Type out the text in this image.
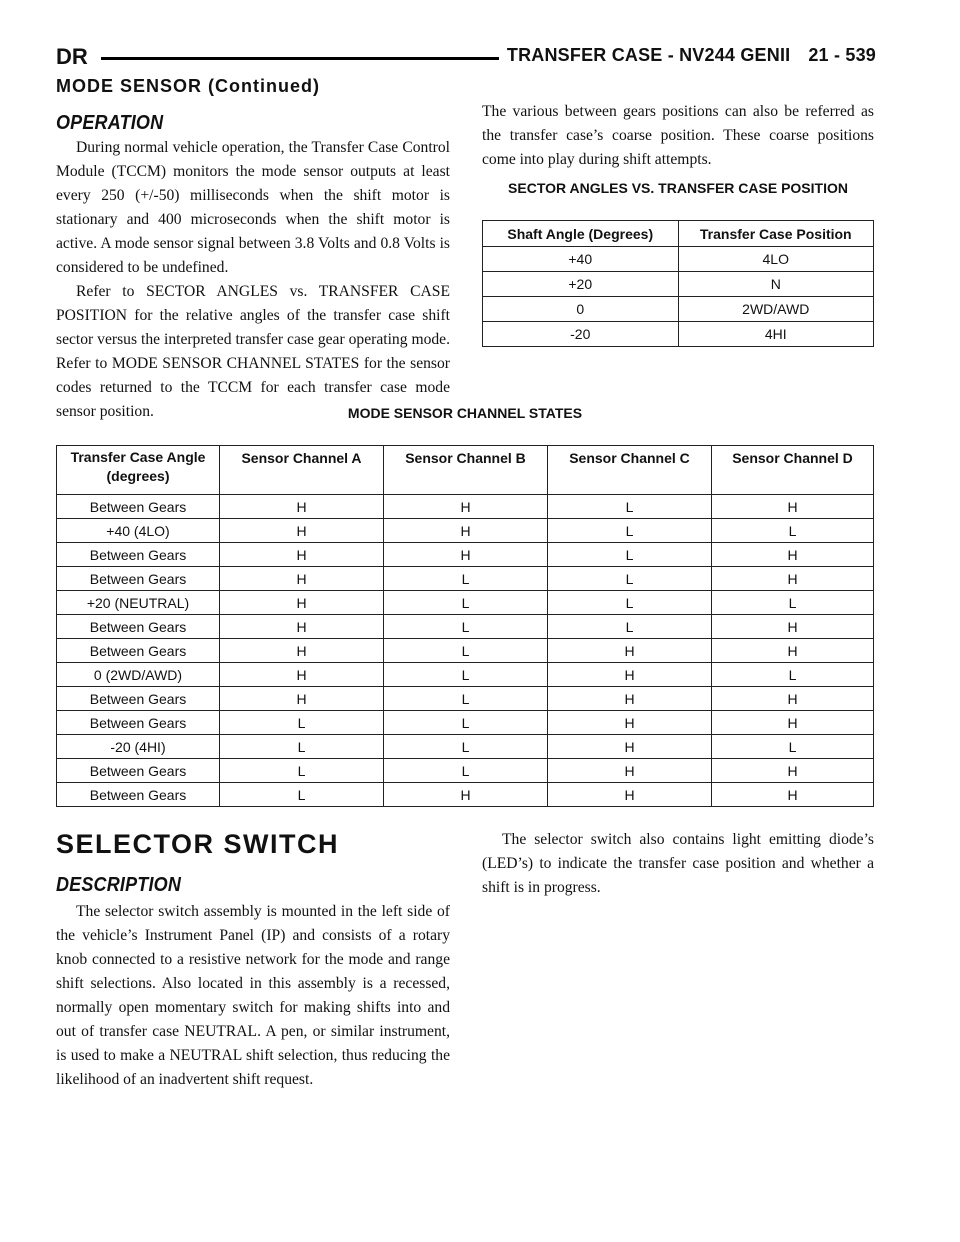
DR	TRANSFER CASE - NV244 GENII 21 - 539
MODE SENSOR (Continued)
OPERATION

During normal vehicle operation, the Transfer Case Control Module (TCCM) monitors the mode sensor outputs at least every 250 (+/-50) milliseconds when the shift motor is stationary and 400 microseconds when the shift motor is active. A mode sensor signal between 3.8 Volts and 0.8 Volts is considered to be undefined.

Refer to SECTOR ANGLES vs. TRANSFER CASE POSITION for the relative angles of the transfer case shift sector versus the interpreted transfer case gear operating mode. Refer to MODE SENSOR CHANNEL STATES for the sensor codes returned to the TCCM for each transfer case mode sensor position.

The various between gears positions can also be referred as the transfer case’s coarse position. These coarse positions come into play during shift attempts.

SECTOR ANGLES VS. TRANSFER CASE POSITION
Shaft Angle (Degrees)	Transfer Case Position
+40	4LO
+20	N
0	2WD/AWD
-20	4HI
MODE SENSOR CHANNEL STATES
Transfer Case Angle (degrees)	Sensor Channel A	Sensor Channel B	Sensor Channel C	Sensor Channel D
Between Gears	H	H	L	H
+40 (4LO)	H	H	L	L
Between Gears	H	H	L	H
Between Gears	H	L	L	H
+20 (NEUTRAL)	H	L	L	L
Between Gears	H	L	L	H
Between Gears	H	L	H	H
0 (2WD/AWD)	H	L	H	L
Between Gears	H	L	H	H
Between Gears	L	L	H	H
-20 (4HI)	L	L	H	L
Between Gears	L	L	H	H
Between Gears	L	H	H	H
SELECTOR SWITCH
DESCRIPTION

The selector switch assembly is mounted in the left side of the vehicle’s Instrument Panel (IP) and consists of a rotary knob connected to a resistive network for the mode and range shift selections. Also located in this assembly is a recessed, normally open momentary switch for making shifts into and out of transfer case NEUTRAL. A pen, or similar instrument, is used to make a NEUTRAL shift selection, thus reducing the likelihood of an inadvertent shift request.

The selector switch also contains light emitting diode’s (LED’s) to indicate the transfer case position and whether a shift is in progress.
